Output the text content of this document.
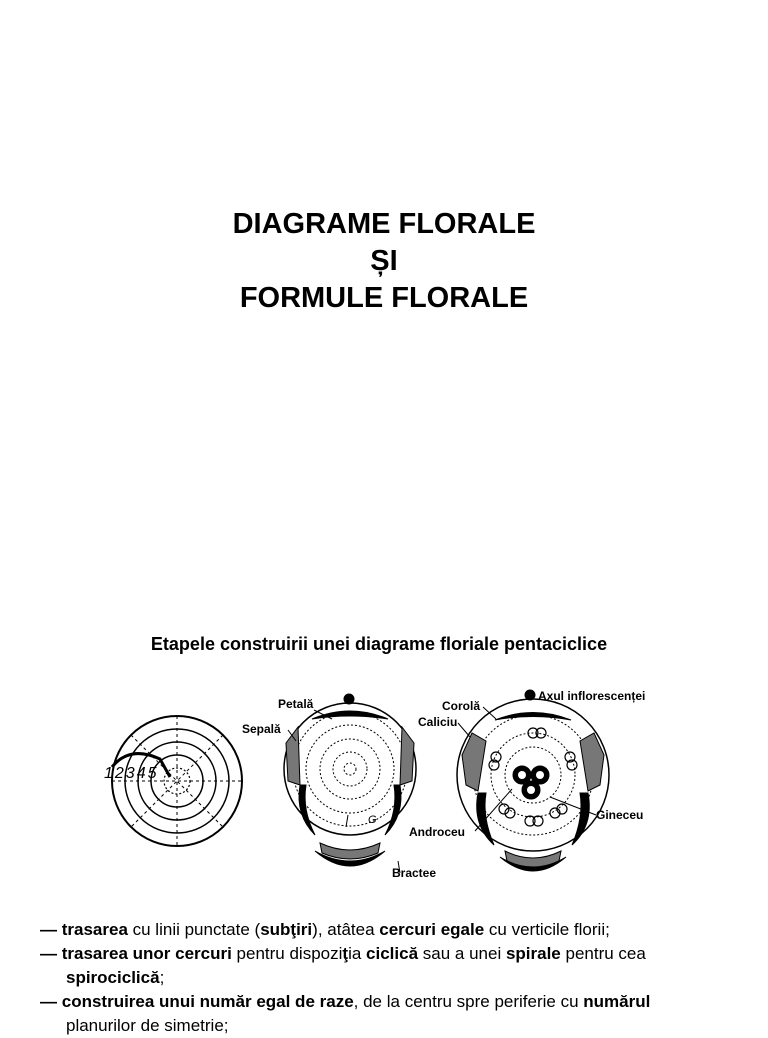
DIAGRAME FLORALE
ȘI
FORMULE FLORALE
Etapele construirii unei diagrame floriale pentaciclice
12345
Petală
Sepală
G
Bractee
Corolă
Caliciu
Axul inflorescenței
Androceu
Gineceu
— trasarea cu linii punctate (subţiri), atâtea cercuri egale cu verticile florii;
— trasarea unor cercuri pentru dispoziţia ciclică sau a unei spirale pentru cea
spirociclică;
— construirea unui număr egal de raze, de la centru spre periferie cu numărul
planurilor de simetrie;
